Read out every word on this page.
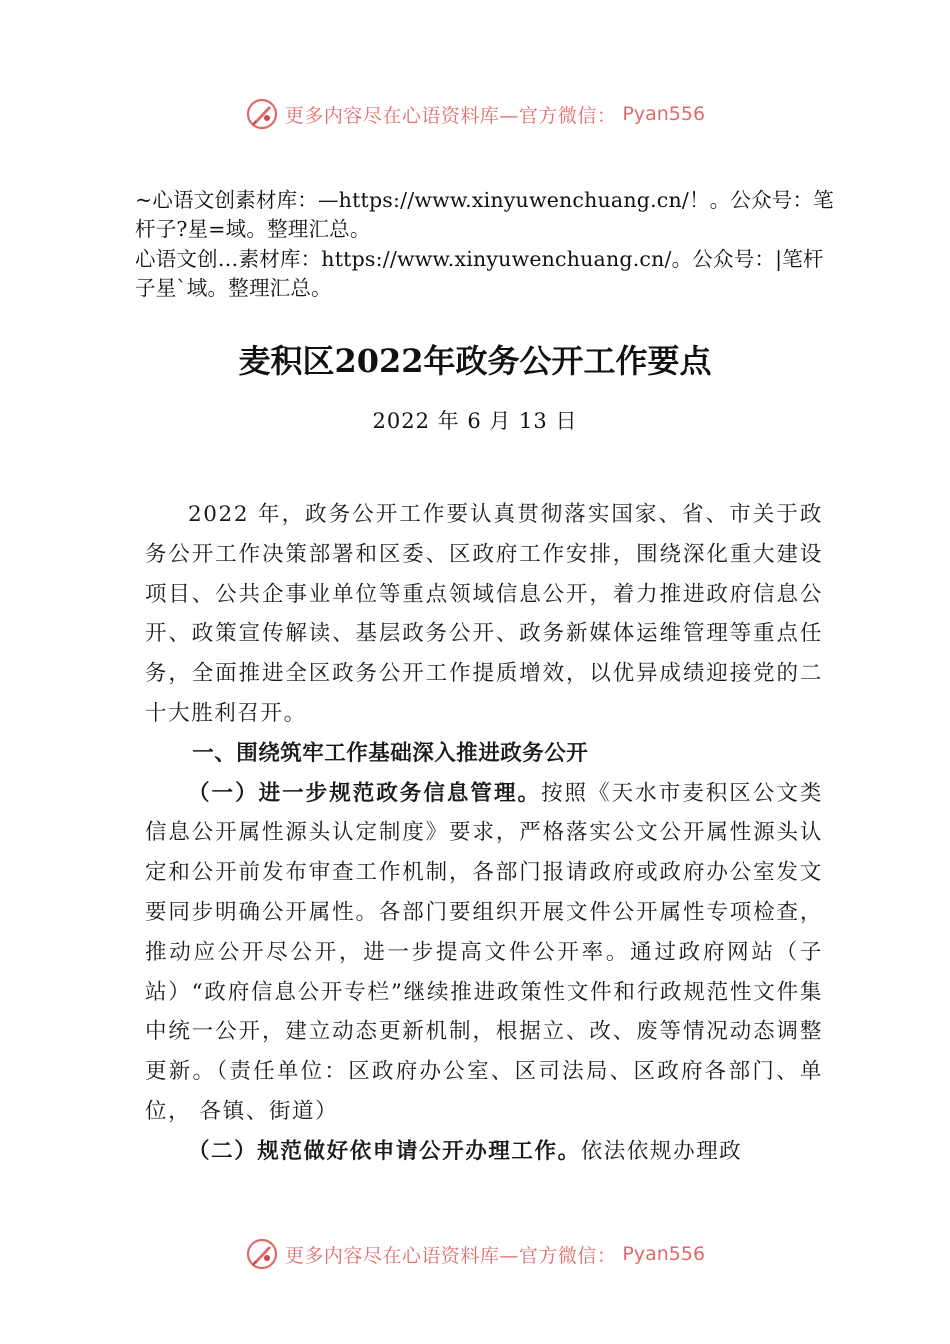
更多内容尽在心语资料库—官方微信： Pyan556
~心语文创素材库：—https://www.xinyuwenchuang.cn/！。公众号：笔杆子?星=域。整理汇总。
心语文创…素材库：https://www.xinyuwenchuang.cn/。公众号：|笔杆子星`域。整理汇总。
麦积区2022年政务公开工作要点
2022 年 6 月 13 日

2022 年，政务公开工作要认真贯彻落实国家、省、市关于政务公开工作决策部署和区委、区政府工作安排，围绕深化重大建设项目、公共企事业单位等重点领域信息公开，着力推进政府信息公开、政策宣传解读、基层政务公开、政务新媒体运维管理等重点任务，全面推进全区政务公开工作提质增效，以优异成绩迎接党的二十大胜利召开。

一、围绕筑牢工作基础深入推进政务公开

（一）进一步规范政务信息管理。按照《天水市麦积区公文类信息公开属性源头认定制度》要求，严格落实公文公开属性源头认定和公开前发布审查工作机制，各部门报请政府或政府办公室发文要同步明确公开属性。各部门要组织开展文件公开属性专项检查，推动应公开尽公开，进一步提高文件公开率。通过政府网站（子站）“政府信息公开专栏”继续推进政策性文件和行政规范性文件集中统一公开，建立动态更新机制，根据立、改、废等情况动态调整更新。（责任单位：区政府办公室、区司法局、区政府各部门、单位， 各镇、街道）

（二）规范做好依申请公开办理工作。依法依规办理政

更多内容尽在心语资料库—官方微信： Pyan556
